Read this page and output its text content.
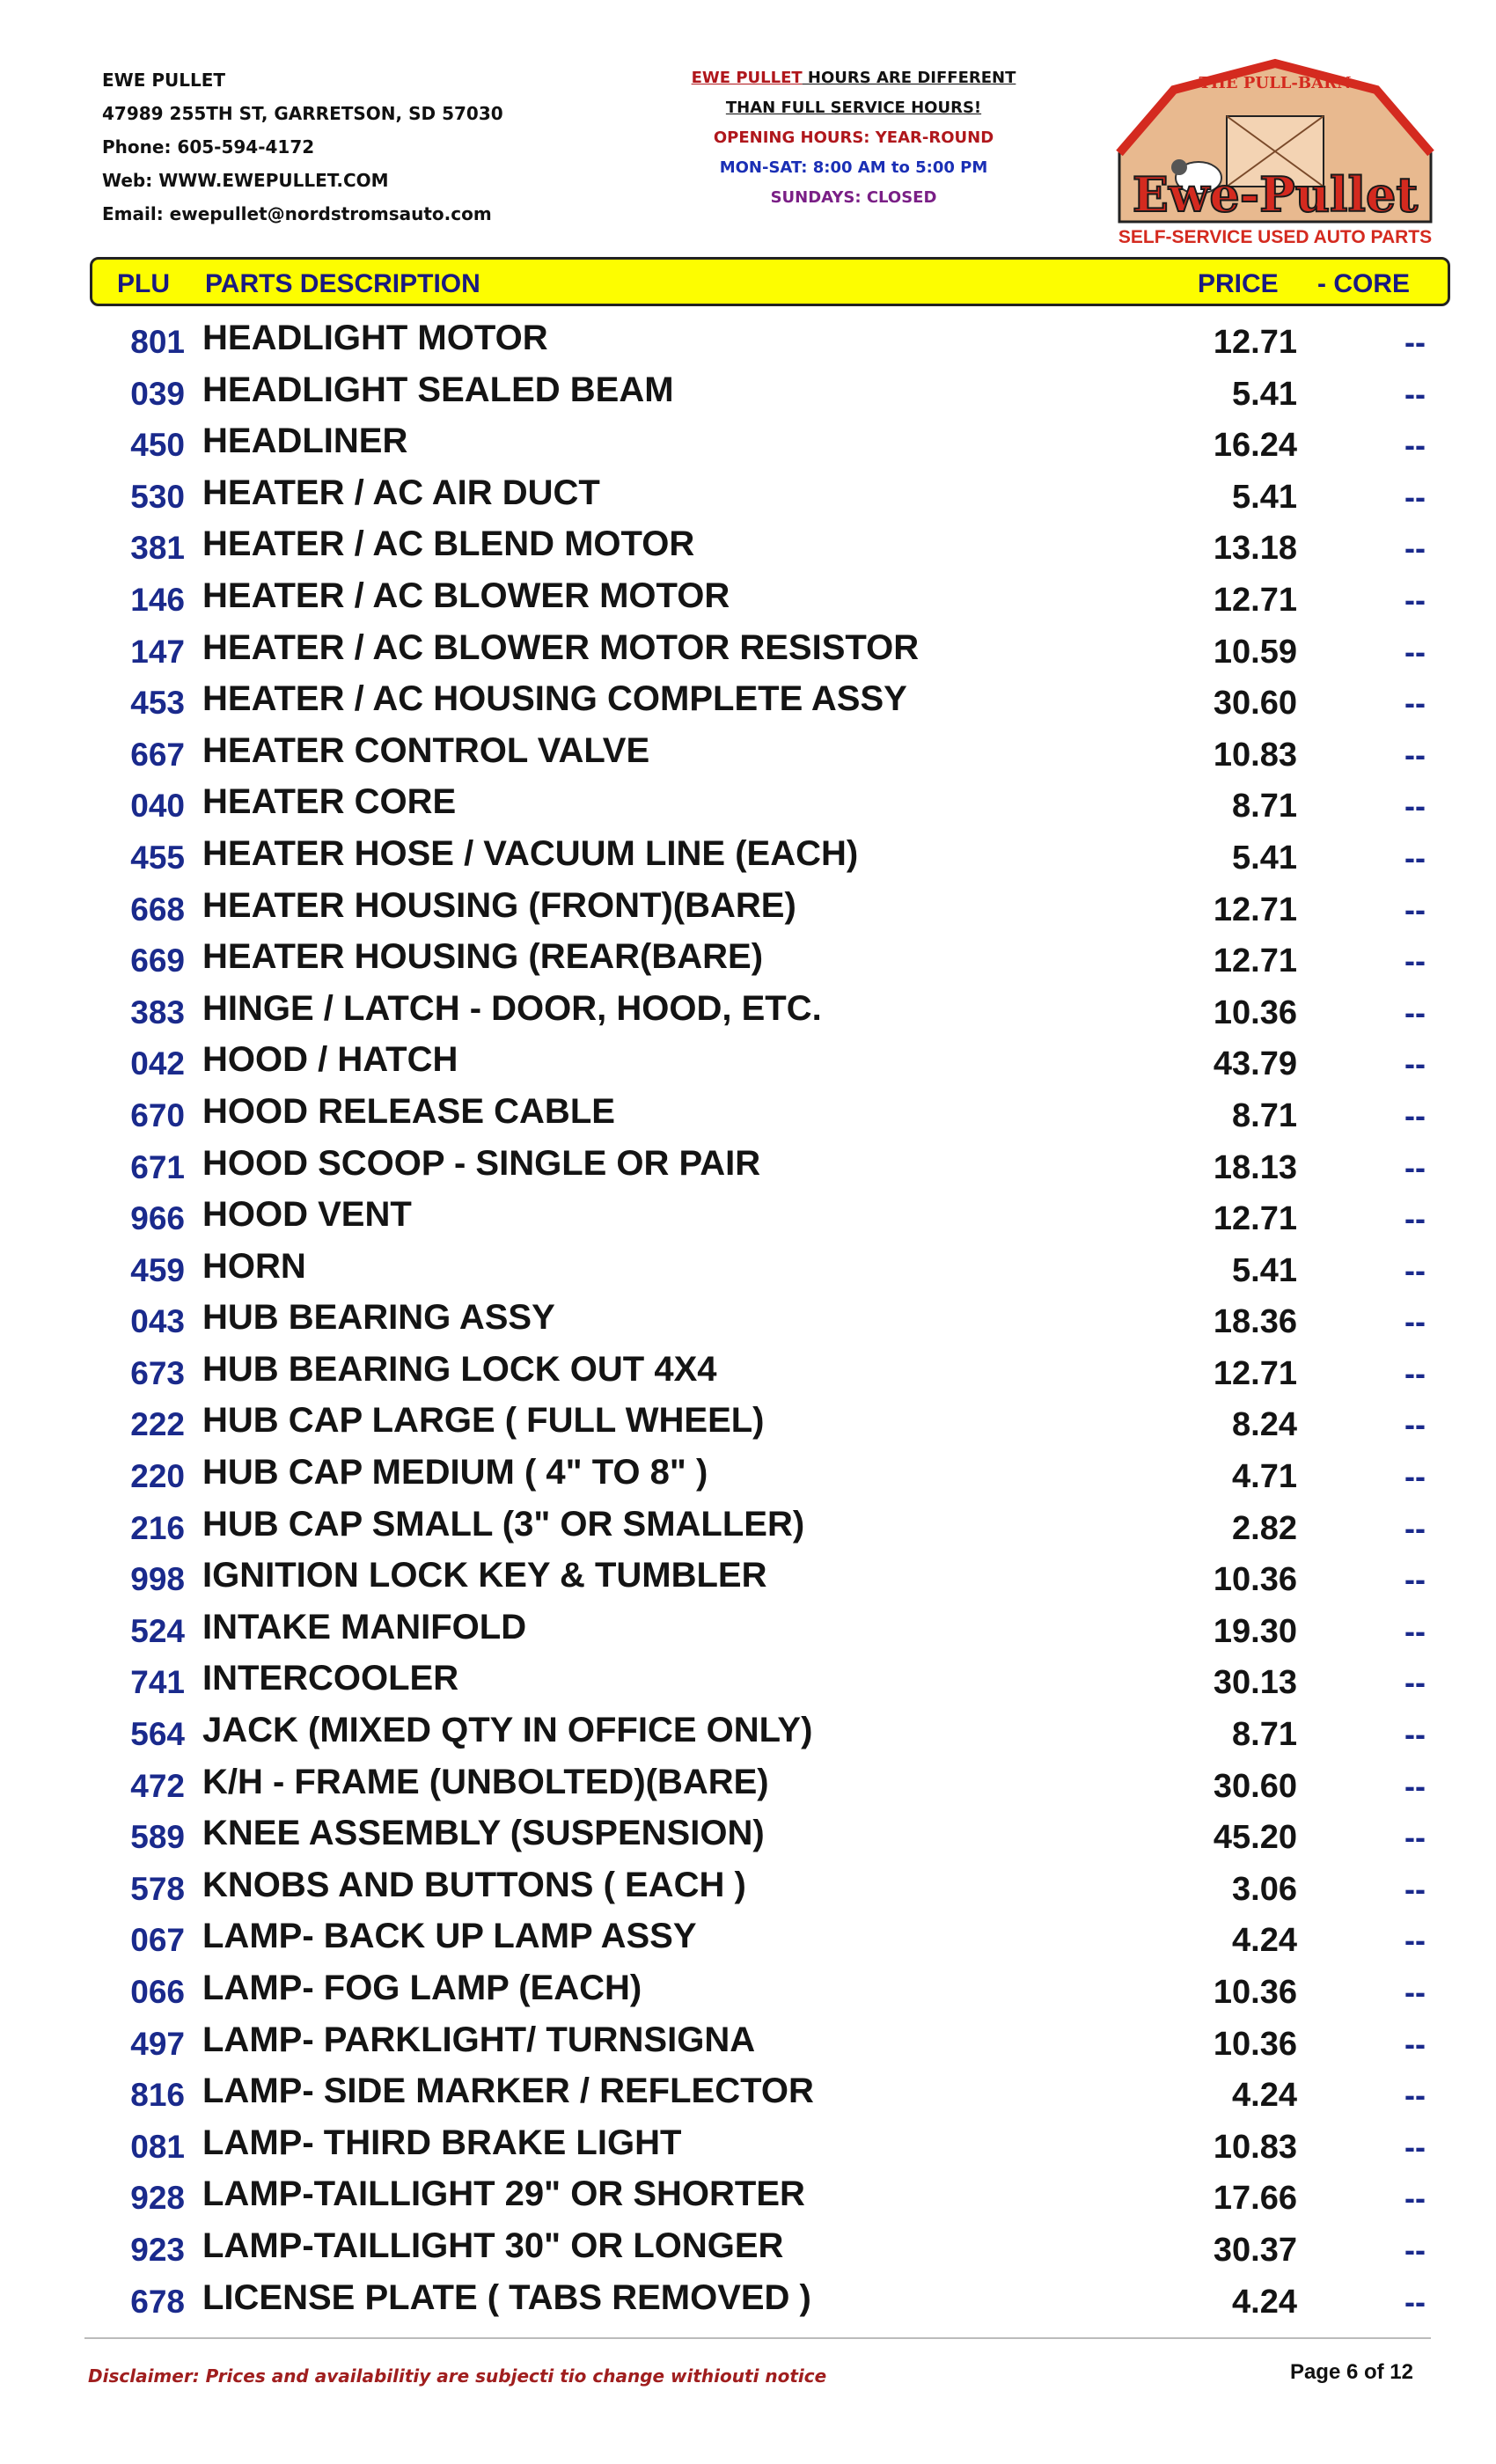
EWE PULLET
47989 255TH ST, GARRETSON, SD 57030
Phone: 605-594-4172
Web: WWW.EWEPULLET.COM
Email: ewepullet@nordstromsauto.com
EWE PULLET HOURS ARE DIFFERENT
THAN FULL SERVICE HOURS!
OPENING HOURS: YEAR-ROUND
MON-SAT: 8:00 AM to 5:00 PM
SUNDAYS: CLOSED
THE PULL-BARN
Ewe-Pullet
SELF-SERVICE USED AUTO PARTS
PLU PARTS DESCRIPTION	PRICE - CORE
801 HEADLIGHT MOTOR	12.71	--
039 HEADLIGHT SEALED BEAM	5.41	--
450 HEADLINER	16.24	--
530 HEATER / AC AIR DUCT	5.41	--
381 HEATER / AC BLEND MOTOR	13.18	--
146 HEATER / AC BLOWER MOTOR	12.71	--
147 HEATER / AC BLOWER MOTOR RESISTOR	10.59	--
453 HEATER / AC HOUSING COMPLETE ASSY	30.60	--
667 HEATER CONTROL VALVE	10.83	--
040 HEATER CORE	8.71	--
455 HEATER HOSE / VACUUM LINE (EACH)	5.41	--
668 HEATER HOUSING (FRONT)(BARE)	12.71	--
669 HEATER HOUSING (REAR(BARE)	12.71	--
383 HINGE / LATCH - DOOR, HOOD, ETC.	10.36	--
042 HOOD / HATCH	43.79	--
670 HOOD RELEASE CABLE	8.71	--
671 HOOD SCOOP - SINGLE OR PAIR	18.13	--
966 HOOD VENT	12.71	--
459 HORN	5.41	--
043 HUB BEARING ASSY	18.36	--
673 HUB BEARING LOCK OUT 4X4	12.71	--
222 HUB CAP LARGE ( FULL WHEEL)	8.24	--
220 HUB CAP MEDIUM ( 4" TO 8" )	4.71	--
216 HUB CAP SMALL (3" OR SMALLER)	2.82	--
998 IGNITION LOCK KEY & TUMBLER	10.36	--
524 INTAKE MANIFOLD	19.30	--
741 INTERCOOLER	30.13	--
564 JACK (MIXED QTY IN OFFICE ONLY)	8.71	--
472 K/H - FRAME (UNBOLTED)(BARE)	30.60	--
589 KNEE ASSEMBLY (SUSPENSION)	45.20	--
578 KNOBS AND BUTTONS ( EACH )	3.06	--
067 LAMP- BACK UP LAMP ASSY	4.24	--
066 LAMP- FOG LAMP (EACH)	10.36	--
497 LAMP- PARKLIGHT/ TURNSIGNA	10.36	--
816 LAMP- SIDE MARKER / REFLECTOR	4.24	--
081 LAMP- THIRD BRAKE LIGHT	10.83	--
928 LAMP-TAILLIGHT 29" OR SHORTER	17.66	--
923 LAMP-TAILLIGHT 30" OR LONGER	30.37	--
678 LICENSE PLATE ( TABS REMOVED )	4.24	--
Disclaimer: Prices and availabilitiy are subjecti tio change withiouti notice	Page 6 of 12
